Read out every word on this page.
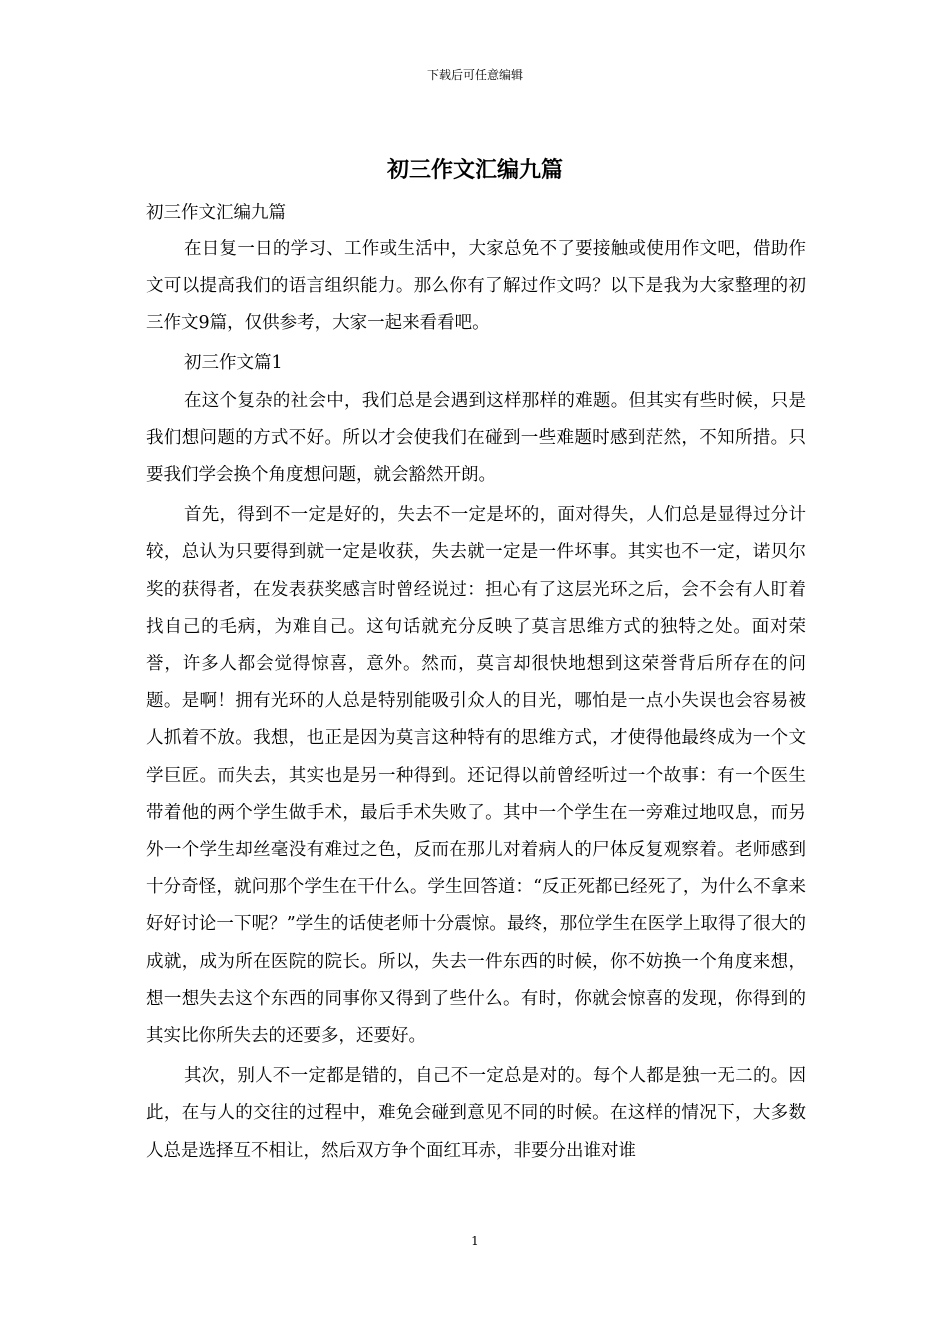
下载后可任意编辑
初三作文汇编九篇

初三作文汇编九篇

在日复一日的学习、工作或生活中，大家总免不了要接触或使用作文吧，借助作文可以提高我们的语言组织能力。那么你有了解过作文吗？以下是我为大家整理的初三作文9篇，仅供参考，大家一起来看看吧。

初三作文篇1

在这个复杂的社会中，我们总是会遇到这样那样的难题。但其实有些时候，只是我们想问题的方式不好。所以才会使我们在碰到一些难题时感到茫然，不知所措。只要我们学会换个角度想问题，就会豁然开朗。

首先，得到不一定是好的，失去不一定是坏的，面对得失，人们总是显得过分计较，总认为只要得到就一定是收获，失去就一定是一件坏事。其实也不一定，诺贝尔奖的获得者，在发表获奖感言时曾经说过：担心有了这层光环之后，会不会有人盯着找自己的毛病，为难自己。这句话就充分反映了莫言思维方式的独特之处。面对荣誉，许多人都会觉得惊喜，意外。然而，莫言却很快地想到这荣誉背后所存在的问题。是啊！拥有光环的人总是特别能吸引众人的目光，哪怕是一点小失误也会容易被人抓着不放。我想，也正是因为莫言这种特有的思维方式，才使得他最终成为一个文学巨匠。而失去，其实也是另一种得到。还记得以前曾经听过一个故事：有一个医生带着他的两个学生做手术，最后手术失败了。其中一个学生在一旁难过地叹息，而另外一个学生却丝毫没有难过之色，反而在那儿对着病人的尸体反复观察着。老师感到十分奇怪，就问那个学生在干什么。学生回答道：“反正死都已经死了，为什么不拿来好好讨论一下呢？”学生的话使老师十分震惊。最终，那位学生在医学上取得了很大的成就，成为所在医院的院长。所以，失去一件东西的时候，你不妨换一个角度来想，想一想失去这个东西的同事你又得到了些什么。有时，你就会惊喜的发现，你得到的其实比你所失去的还要多，还要好。

其次，别人不一定都是错的，自己不一定总是对的。每个人都是独一无二的。因此，在与人的交往的过程中，难免会碰到意见不同的时候。在这样的情况下，大多数人总是选择互不相让，然后双方争个面红耳赤，非要分出谁对谁

1
